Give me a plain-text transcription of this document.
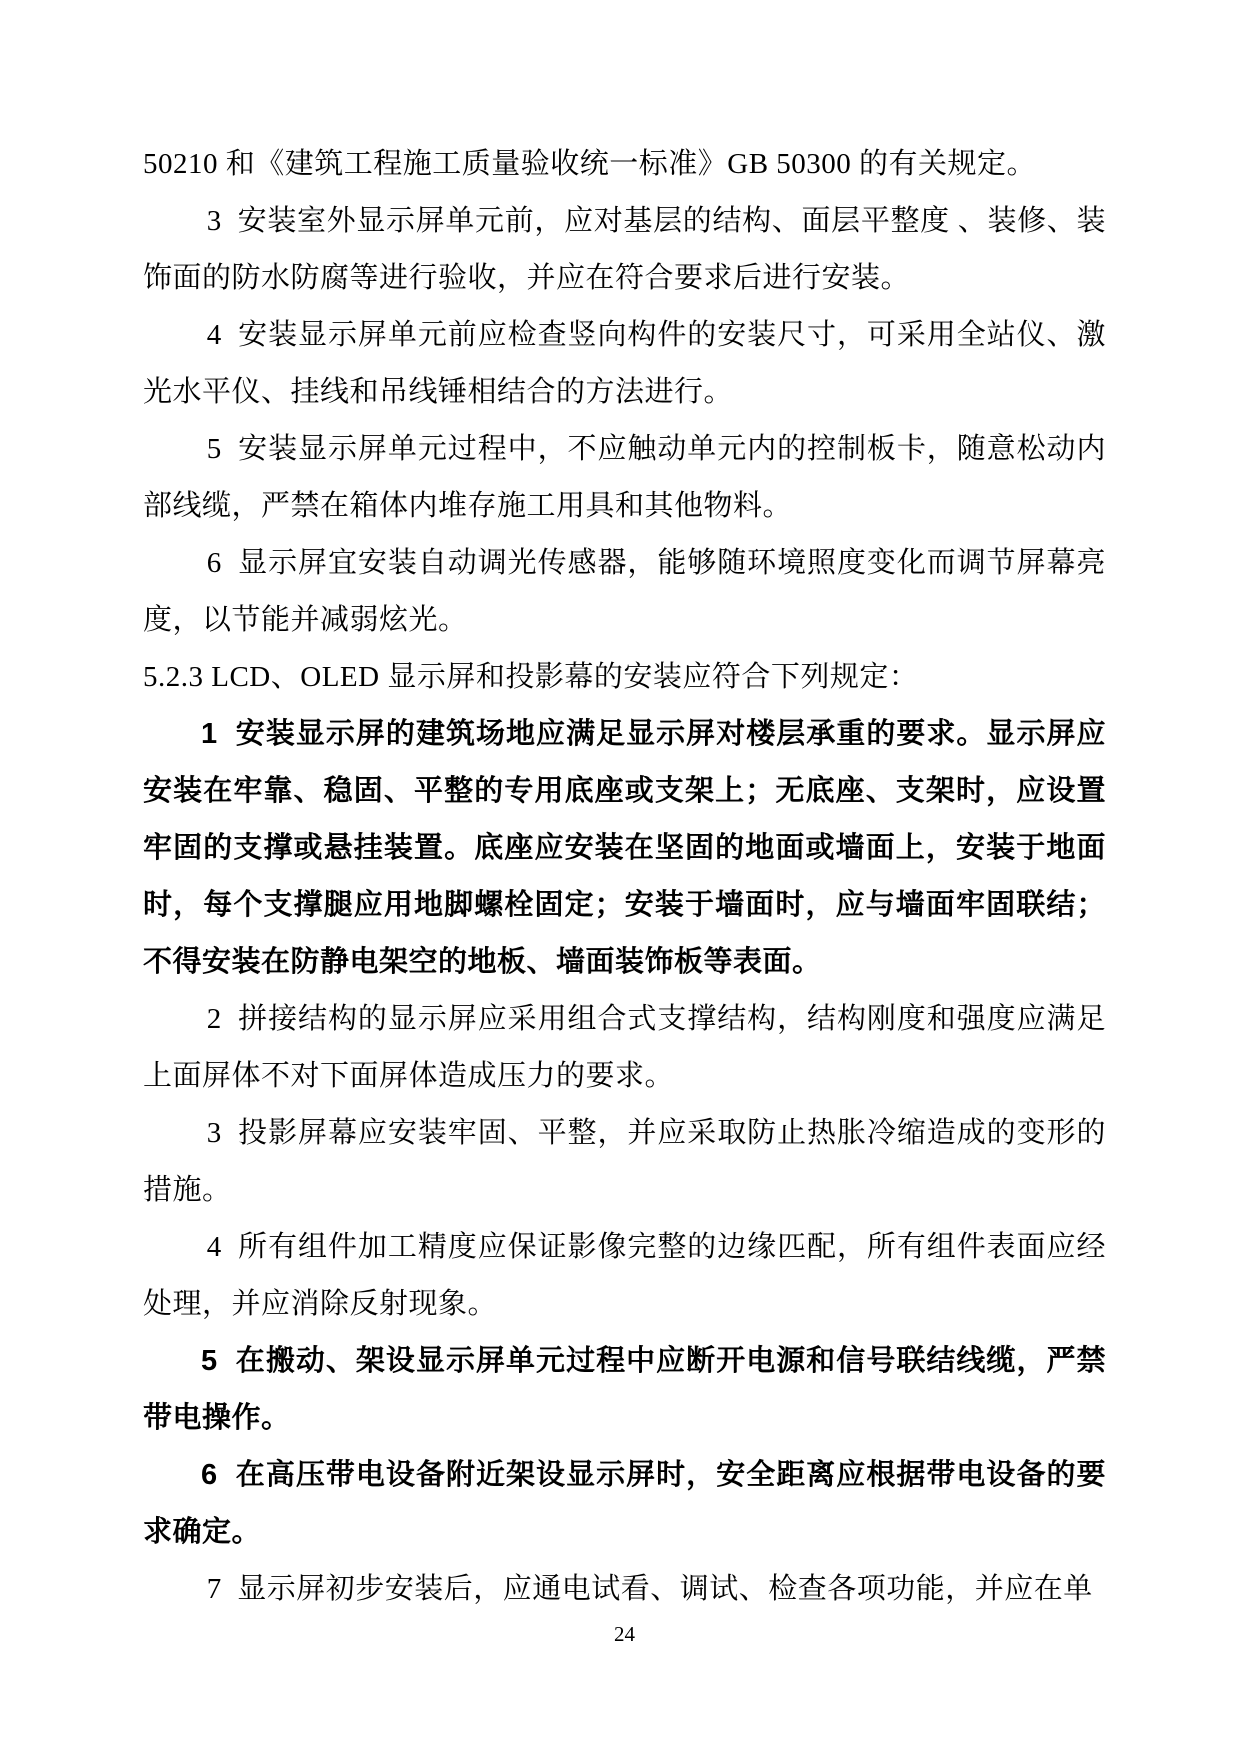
50210 和《建筑工程施工质量验收统一标准》GB 50300 的有关规定。

3  安装室外显示屏单元前，应对基层的结构、面层平整度 、装修、装饰面的防水防腐等进行验收，并应在符合要求后进行安装。

4  安装显示屏单元前应检查竖向构件的安装尺寸，可采用全站仪、激光水平仪、挂线和吊线锤相结合的方法进行。

5  安装显示屏单元过程中，不应触动单元内的控制板卡，随意松动内部线缆，严禁在箱体内堆存施工用具和其他物料。

6  显示屏宜安装自动调光传感器，能够随环境照度变化而调节屏幕亮度，以节能并减弱炫光。

5.2.3 LCD、OLED 显示屏和投影幕的安装应符合下列规定：

1  安装显示屏的建筑场地应满足显示屏对楼层承重的要求。显示屏应安装在牢靠、稳固、平整的专用底座或支架上；无底座、支架时，应设置牢固的支撑或悬挂装置。底座应安装在坚固的地面或墙面上，安装于地面时，每个支撑腿应用地脚螺栓固定；安装于墙面时，应与墙面牢固联结；不得安装在防静电架空的地板、墙面装饰板等表面。

2  拼接结构的显示屏应采用组合式支撑结构，结构刚度和强度应满足上面屏体不对下面屏体造成压力的要求。

3  投影屏幕应安装牢固、平整，并应采取防止热胀冷缩造成的变形的措施。

4  所有组件加工精度应保证影像完整的边缘匹配，所有组件表面应经处理，并应消除反射现象。

5  在搬动、架设显示屏单元过程中应断开电源和信号联结线缆，严禁带电操作。

6  在高压带电设备附近架设显示屏时，安全距离应根据带电设备的要求确定。

7  显示屏初步安装后，应通电试看、调试、检查各项功能，并应在单

24
